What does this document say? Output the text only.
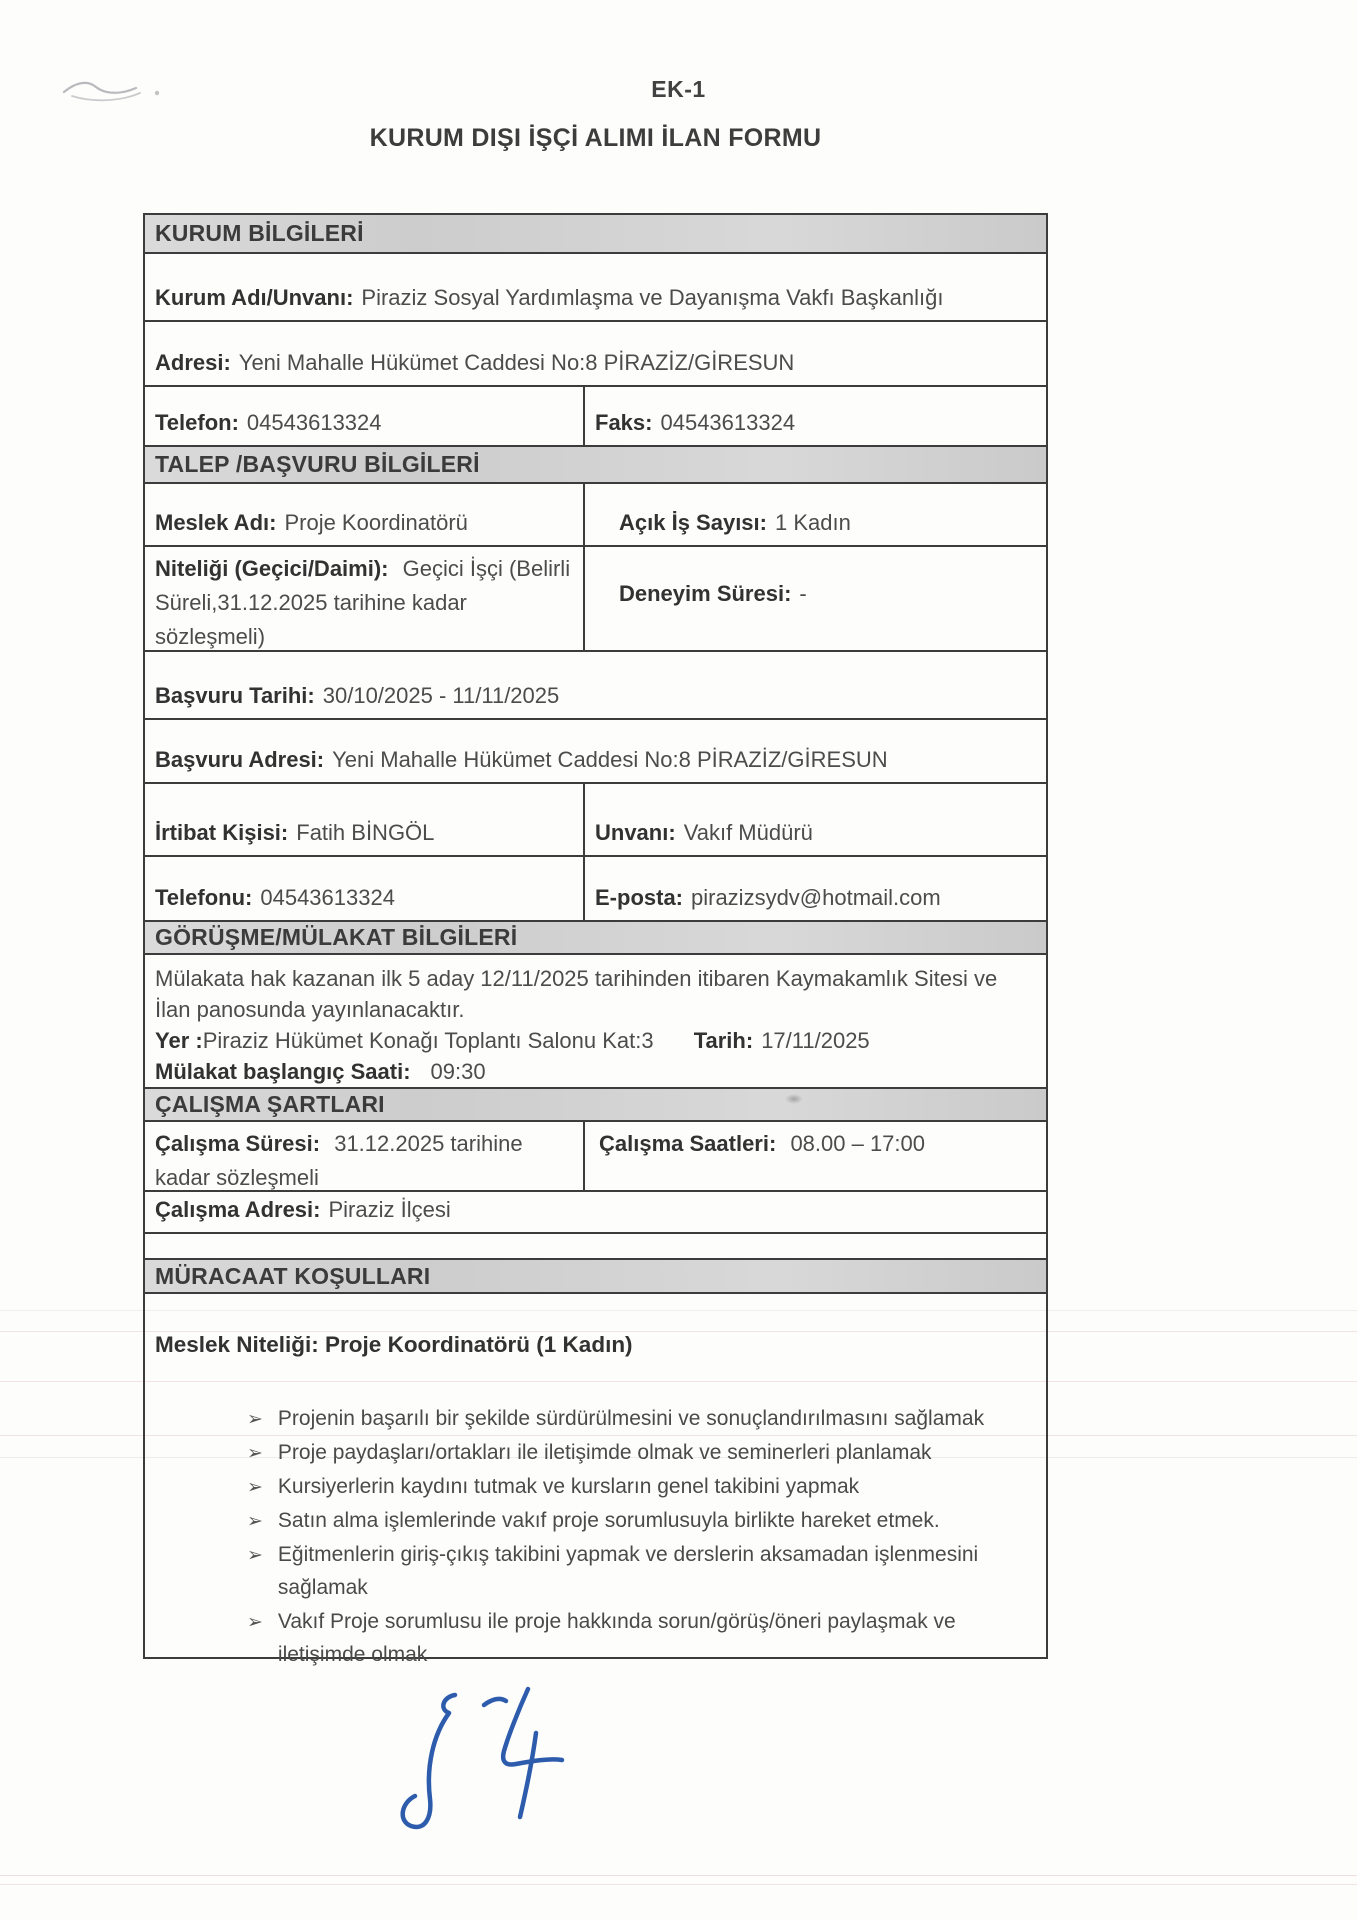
EK-1
KURUM DIŞI İŞÇİ ALIMI İLAN FORMU
KURUM BİLGİLERİ
Kurum Adı/Unvanı: Piraziz Sosyal Yardımlaşma ve Dayanışma Vakfı Başkanlığı
Adresi: Yeni Mahalle Hükümet Caddesi No:8 PİRAZİZ/GİRESUN
Telefon: 04543613324	Faks: 04543613324
TALEP /BAŞVURU BİLGİLERİ
Meslek Adı: Proje Koordinatörü	Açık İş Sayısı: 1 Kadın
Niteliği (Geçici/Daimi): Geçici İşçi (Belirli Süreli,31.12.2025 tarihine kadar sözleşmeli)
Deneyim Süresi: -
Başvuru Tarihi: 30/10/2025 - 11/11/2025
Başvuru Adresi: Yeni Mahalle Hükümet Caddesi No:8 PİRAZİZ/GİRESUN
İrtibat Kişisi: Fatih BİNGÖL	Unvanı: Vakıf Müdürü
Telefonu: 04543613324	E-posta: pirazizsydv@hotmail.com
GÖRÜŞME/MÜLAKAT BİLGİLERİ
Mülakata hak kazanan ilk 5 aday 12/11/2025 tarihinden itibaren Kaymakamlık Sitesi ve İlan panosunda yayınlanacaktır.
Yer :Piraziz Hükümet Konağı Toplantı Salonu Kat:3 Tarih: 17/11/2025
Mülakat başlangıç Saati: 09:30
ÇALIŞMA ŞARTLARI
Çalışma Süresi: 31.12.2025 tarihine kadar sözleşmeli
Çalışma Saatleri: 08.00 – 17:00
Çalışma Adresi: Piraziz İlçesi
MÜRACAAT KOŞULLARI
Meslek Niteliği: Proje Koordinatörü (1 Kadın)
➢ Projenin başarılı bir şekilde sürdürülmesini ve sonuçlandırılmasını sağlamak
➢ Proje paydaşları/ortakları ile iletişimde olmak ve seminerleri planlamak
➢ Kursiyerlerin kaydını tutmak ve kursların genel takibini yapmak
➢ Satın alma işlemlerinde vakıf proje sorumlusuyla birlikte hareket etmek.
➢ Eğitmenlerin giriş-çıkış takibini yapmak ve derslerin aksamadan işlenmesini sağlamak
➢ Vakıf Proje sorumlusu ile proje hakkında sorun/görüş/öneri paylaşmak ve iletişimde olmak
